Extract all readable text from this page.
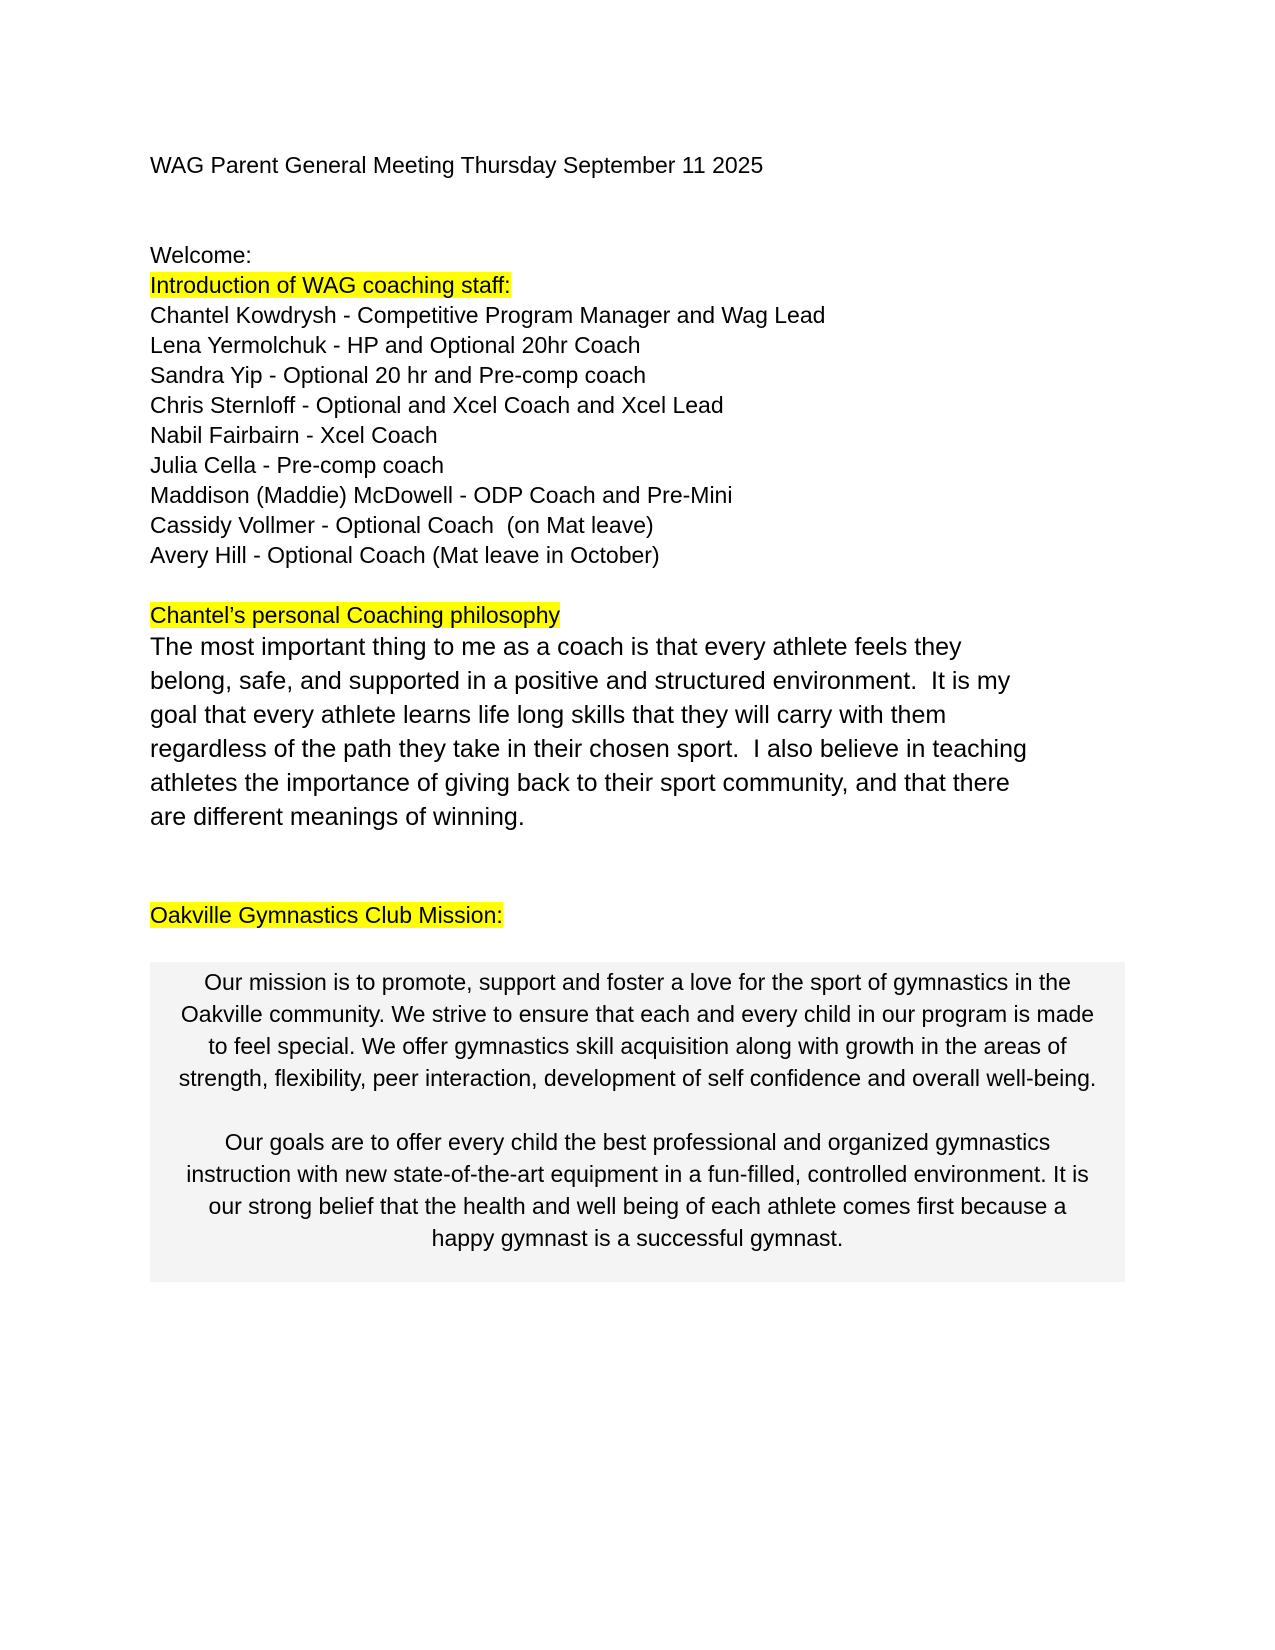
WAG Parent General Meeting Thursday September 11 2025

Welcome:

Introduction of WAG coaching staff:

Chantel Kowdrysh - Competitive Program Manager and Wag Lead

Lena Yermolchuk - HP and Optional 20hr Coach

Sandra Yip - Optional 20 hr and Pre-comp coach

Chris Sternloff - Optional and Xcel Coach and Xcel Lead

Nabil Fairbairn - Xcel Coach

Julia Cella - Pre-comp coach

Maddison (Maddie) McDowell - ODP Coach and Pre-Mini

Cassidy Vollmer - Optional Coach  (on Mat leave)

Avery Hill - Optional Coach (Mat leave in October)

Chantel’s personal Coaching philosophy

The most important thing to me as a coach is that every athlete feels they belong, safe, and supported in a positive and structured environment.  It is my goal that every athlete learns life long skills that they will carry with them regardless of the path they take in their chosen sport.  I also believe in teaching athletes the importance of giving back to their sport community, and that there are different meanings of winning.

Oakville Gymnastics Club Mission:

Our mission is to promote, support and foster a love for the sport of gymnastics in the Oakville community. We strive to ensure that each and every child in our program is made to feel special. We offer gymnastics skill acquisition along with growth in the areas of strength, flexibility, peer interaction, development of self confidence and overall well-being.

Our goals are to offer every child the best professional and organized gymnastics instruction with new state-of-the-art equipment in a fun-filled, controlled environment. It is our strong belief that the health and well being of each athlete comes first because a happy gymnast is a successful gymnast.
